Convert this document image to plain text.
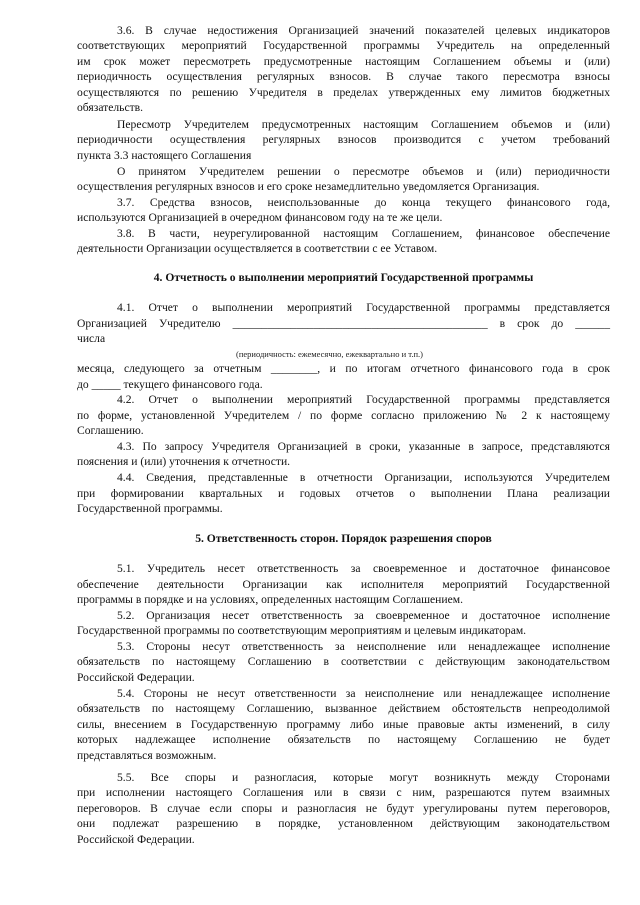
3.6. В случае недостижения Организацией значений показателей целевых индикаторов
соответствующих мероприятий Государственной программы Учредитель на определенный
им срок может пересмотреть предусмотренные настоящим Соглашением объемы и (или)
периодичность осуществления регулярных взносов. В случае такого пересмотра взносы
осуществляются по решению Учредителя в пределах утвержденных ему лимитов бюджетных
обязательств.
Пересмотр Учредителем предусмотренных настоящим Соглашением объемов и (или)
периодичности осуществления регулярных взносов производится с учетом требований
пункта 3.3 настоящего Соглашения
О принятом Учредителем решении о пересмотре объемов и (или) периодичности
осуществления регулярных взносов и его сроке незамедлительно уведомляется Организация.
3.7. Средства взносов, неиспользованные до конца текущего финансового года,
используются Организацией в очередном финансовом году на те же цели.
3.8. В части, неурегулированной настоящим Соглашением, финансовое обеспечение
деятельности Организации осуществляется в соответствии с ее Уставом.
4. Отчетность о выполнении мероприятий Государственной программы
4.1. Отчет о выполнении мероприятий Государственной программы представляется
Организацией Учредителю ____________________________________________ в срок до ______
числа
(периодичность: ежемесячно, ежеквартально и т.п.)
месяца, следующего за отчетным ________, и по итогам отчетного финансового года в срок
до _____ текущего финансового года.
4.2. Отчет о выполнении мероприятий Государственной программы представляется
по форме, установленной Учредителем / по форме согласно приложению № 2 к настоящему
Соглашению.
4.3. По запросу Учредителя Организацией в сроки, указанные в запросе, представляются
пояснения и (или) уточнения к отчетности.
4.4. Сведения, представленные в отчетности Организации, используются Учредителем
при формировании квартальных и годовых отчетов о выполнении Плана реализации
Государственной программы.
5. Ответственность сторон. Порядок разрешения споров
5.1. Учредитель несет ответственность за своевременное и достаточное финансовое
обеспечение деятельности Организации как исполнителя мероприятий Государственной
программы в порядке и на условиях, определенных настоящим Соглашением.
5.2. Организация несет ответственность за своевременное и достаточное исполнение
Государственной программы по соответствующим мероприятиям и целевым индикаторам.
5.3. Стороны несут ответственность за неисполнение или ненадлежащее исполнение
обязательств по настоящему Соглашению в соответствии с действующим законодательством
Российской Федерации.
5.4. Стороны не несут ответственности за неисполнение или ненадлежащее исполнение
обязательств по настоящему Соглашению, вызванное действием обстоятельств непреодолимой
силы, внесением в Государственную программу либо иные правовые акты изменений, в силу
которых надлежащее исполнение обязательств по настоящему Соглашению не будет
представляться возможным.
5.5. Все споры и разногласия, которые могут возникнуть между Сторонами
при исполнении настоящего Соглашения или в связи с ним, разрешаются путем взаимных
переговоров. В случае если споры и разногласия не будут урегулированы путем переговоров,
они подлежат разрешению в порядке, установленном действующим законодательством
Российской Федерации.
